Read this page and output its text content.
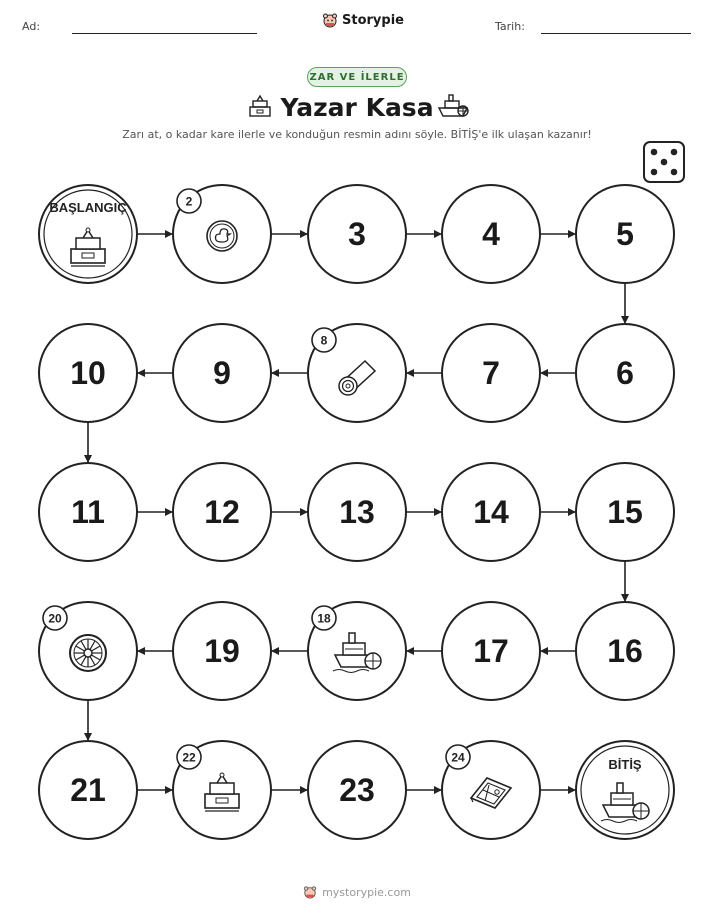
Ad:	Tarih:
Storypie
ZAR VE İLERLE
Yazar Kasa
Zarı at, o kadar kare ilerle ve konduğun resmin adını söyle. BİTİŞ'e ilk ulaşan kazanır!
BAŞLANGIÇ	2
3	4	5
6
7
8
9
10
11	12	13	14	15
16
17
18
19
20
21
22
23
24	BİTİŞ
mystorypie.com
